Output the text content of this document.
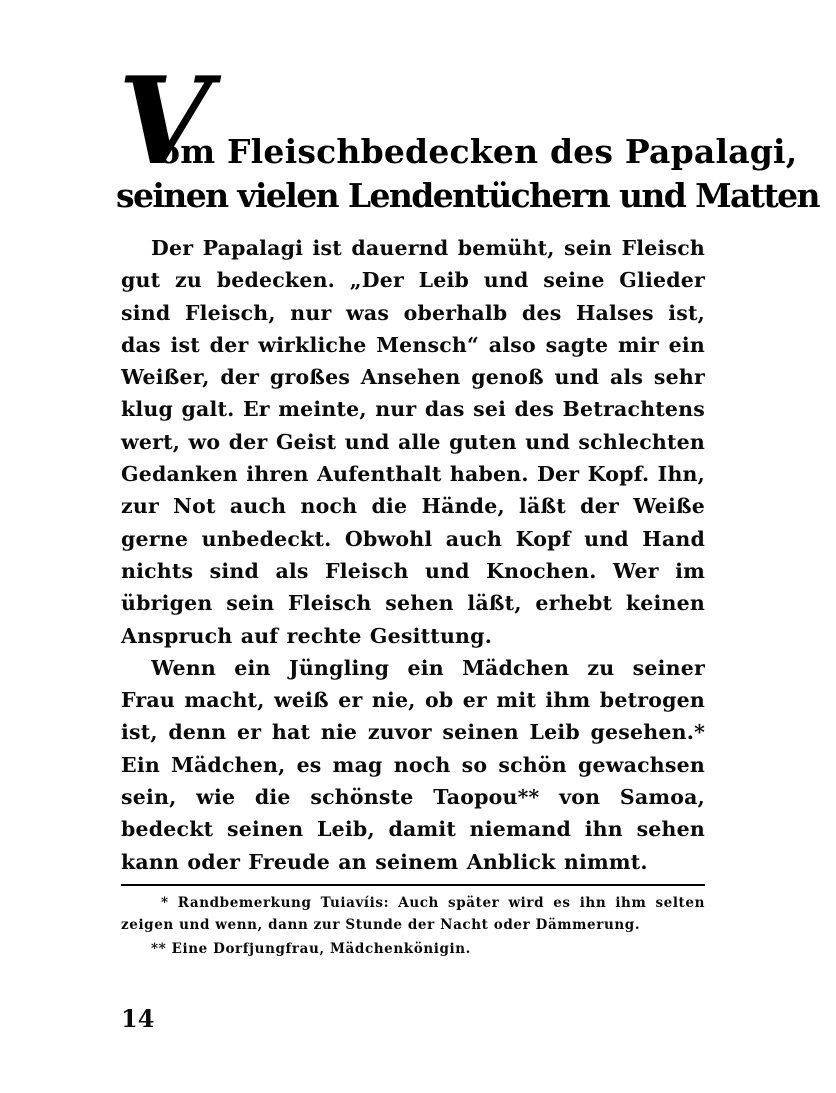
V
om Fleischbedecken des Papalagi,
seinen vielen Lendentüchern und Matten

Der Papalagi ist dauernd bemüht, sein Fleisch gut zu bedecken. „Der Leib und seine Glieder sind Fleisch, nur was oberhalb des Halses ist, das ist der wirkliche Mensch“ also sagte mir ein Weißer, der großes Ansehen genoß und als sehr klug galt. Er meinte, nur das sei des Betrachtens wert, wo der Geist und alle guten und schlechten Gedanken ihren Aufenthalt haben. Der Kopf. Ihn, zur Not auch noch die Hände, läßt der Weiße gerne unbedeckt. Obwohl auch Kopf und Hand nichts sind als Fleisch und Knochen. Wer im übrigen sein Fleisch sehen läßt, erhebt keinen Anspruch auf rechte Gesittung.

Wenn ein Jüngling ein Mädchen zu seiner Frau macht, weiß er nie, ob er mit ihm betrogen ist, denn er hat nie zuvor seinen Leib gesehen.* Ein Mädchen, es mag noch so schön gewachsen sein, wie die schönste Taopou** von Samoa, bedeckt seinen Leib, damit niemand ihn sehen kann oder Freude an seinem Anblick nimmt.

* Randbemerkung Tuiavíis: Auch später wird es ihn ihm selten zeigen und wenn, dann zur Stunde der Nacht oder Dämmerung.

** Eine Dorfjungfrau, Mädchenkönigin.

14
